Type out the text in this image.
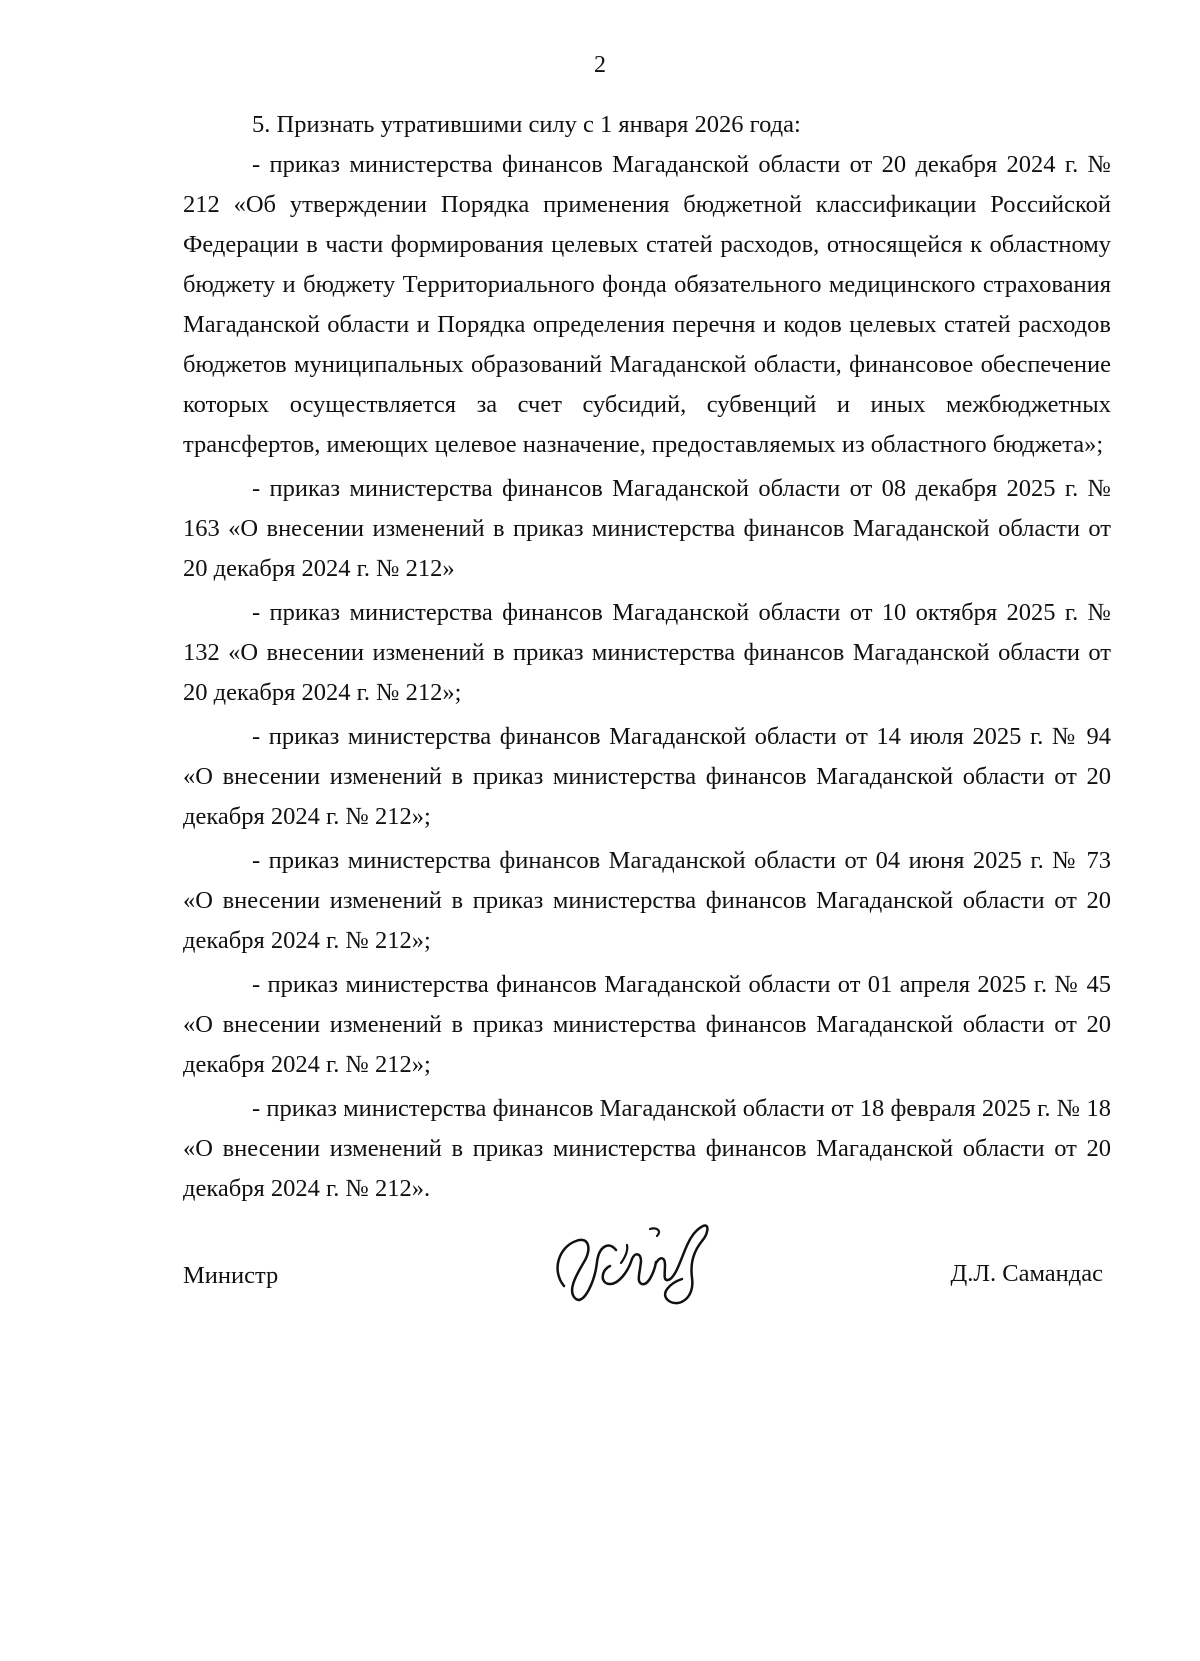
2

5. Признать утратившими силу с 1 января 2026 года:

- приказ министерства финансов Магаданской области от 20 декабря 2024 г. № 212 «Об утверждении Порядка применения бюджетной классификации Российской Федерации в части формирования целевых статей расходов, относящейся к областному бюджету и бюджету Территориального фонда обязательного медицинского страхования Магаданской области и Порядка определения перечня и кодов целевых статей расходов бюджетов муниципальных образований Магаданской области, финансовое обеспечение которых осуществляется за счет субсидий, субвенций и иных межбюджетных трансфертов, имеющих целевое назначение, предоставляемых из областного бюджета»;

- приказ министерства финансов Магаданской области от 08 декабря 2025 г. № 163 «О внесении изменений в приказ министерства финансов Магаданской области от 20 декабря 2024 г. № 212»

- приказ министерства финансов Магаданской области от 10 октября 2025 г. № 132 «О внесении изменений в приказ министерства финансов Магаданской области от 20 декабря 2024 г. № 212»;

- приказ министерства финансов Магаданской области от 14 июля 2025 г. № 94 «О внесении изменений в приказ министерства финансов Магаданской области от 20 декабря 2024 г. № 212»;

- приказ министерства финансов Магаданской области от 04 июня 2025 г. № 73 «О внесении изменений в приказ министерства финансов Магаданской области от 20 декабря 2024 г. № 212»;

- приказ министерства финансов Магаданской области от 01 апреля 2025 г. № 45 «О внесении изменений в приказ министерства финансов Магаданской области от 20 декабря 2024 г. № 212»;

- приказ министерства финансов Магаданской области от 18 февраля 2025 г. № 18 «О внесении изменений в приказ министерства финансов Магаданской области от 20 декабря 2024 г. № 212».

Министр	Д.Л. Самандас
